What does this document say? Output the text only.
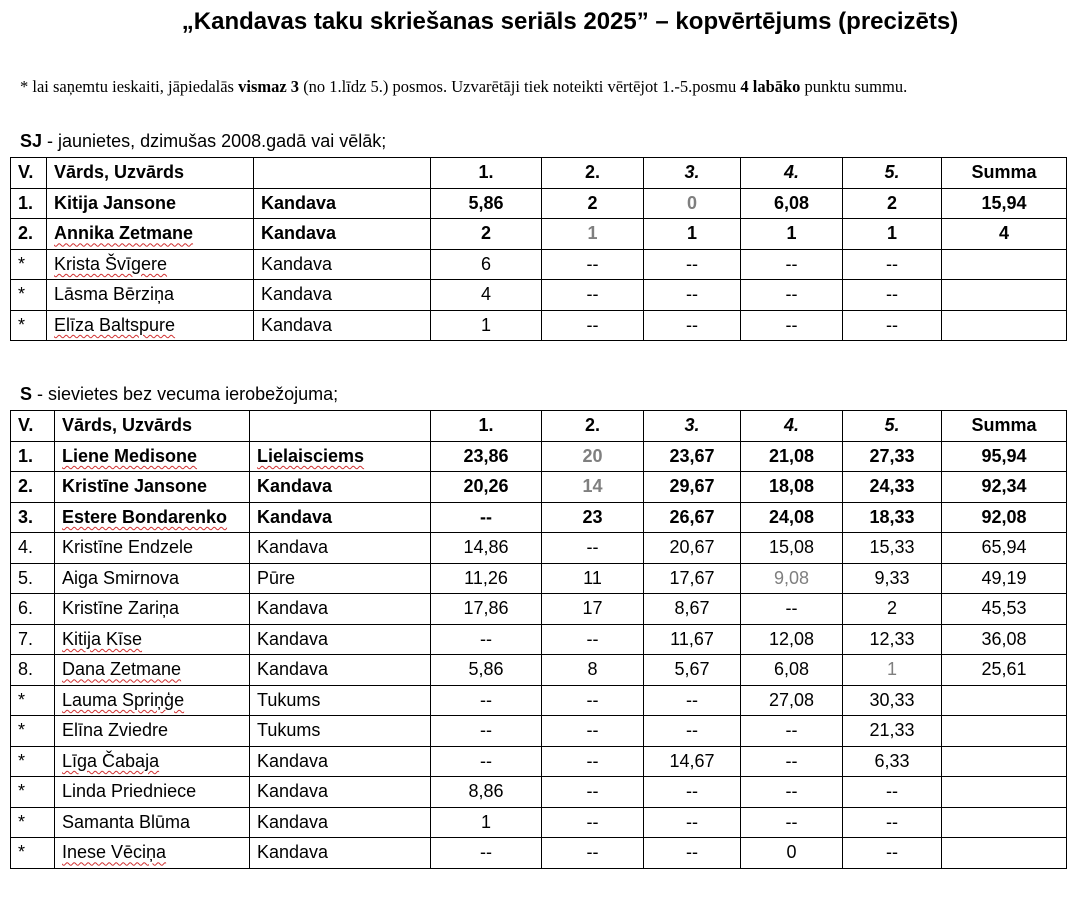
„Kandavas taku skriešanas seriāls 2025” – kopvērtējums (precizēts)
* lai saņemtu ieskaiti, jāpiedalās vismaz 3 (no 1.līdz 5.) posmos. Uzvarētāji tiek noteikti vērtējot 1.-5.posmu 4 labāko punktu summu.
SJ - jaunietes, dzimušas 2008.gadā vai vēlāk;
V.	Vārds, Uzvārds		1.	2.	3.	4.	5.	Summa
1.	Kitija Jansone	Kandava	5,86	2	0	6,08	2	15,94
2.	Annika Zetmane	Kandava	2	1	1	1	1	4
*	Krista Švīgere	Kandava	6	--	--	--	--	
*	Lāsma Bērziņa	Kandava	4	--	--	--	--	
*	Elīza Baltspure	Kandava	1	--	--	--	--	
S - sievietes bez vecuma ierobežojuma;
V.	Vārds, Uzvārds		1.	2.	3.	4.	5.	Summa
1.	Liene Medisone	Lielaisciems	23,86	20	23,67	21,08	27,33	95,94
2.	Kristīne Jansone	Kandava	20,26	14	29,67	18,08	24,33	92,34
3.	Estere Bondarenko	Kandava	--	23	26,67	24,08	18,33	92,08
4.	Kristīne Endzele	Kandava	14,86	--	20,67	15,08	15,33	65,94
5.	Aiga Smirnova	Pūre	11,26	11	17,67	9,08	9,33	49,19
6.	Kristīne Zariņa	Kandava	17,86	17	8,67	--	2	45,53
7.	Kitija Kīse	Kandava	--	--	11,67	12,08	12,33	36,08
8.	Dana Zetmane	Kandava	5,86	8	5,67	6,08	1	25,61
*	Lauma Spriņģe	Tukums	--	--	--	27,08	30,33	
*	Elīna Zviedre	Tukums	--	--	--	--	21,33	
*	Līga Čabaja	Kandava	--	--	14,67	--	6,33	
*	Linda Priedniece	Kandava	8,86	--	--	--	--	
*	Samanta Blūma	Kandava	1	--	--	--	--	
*	Inese Vēciņa	Kandava	--	--	--	0	--	
